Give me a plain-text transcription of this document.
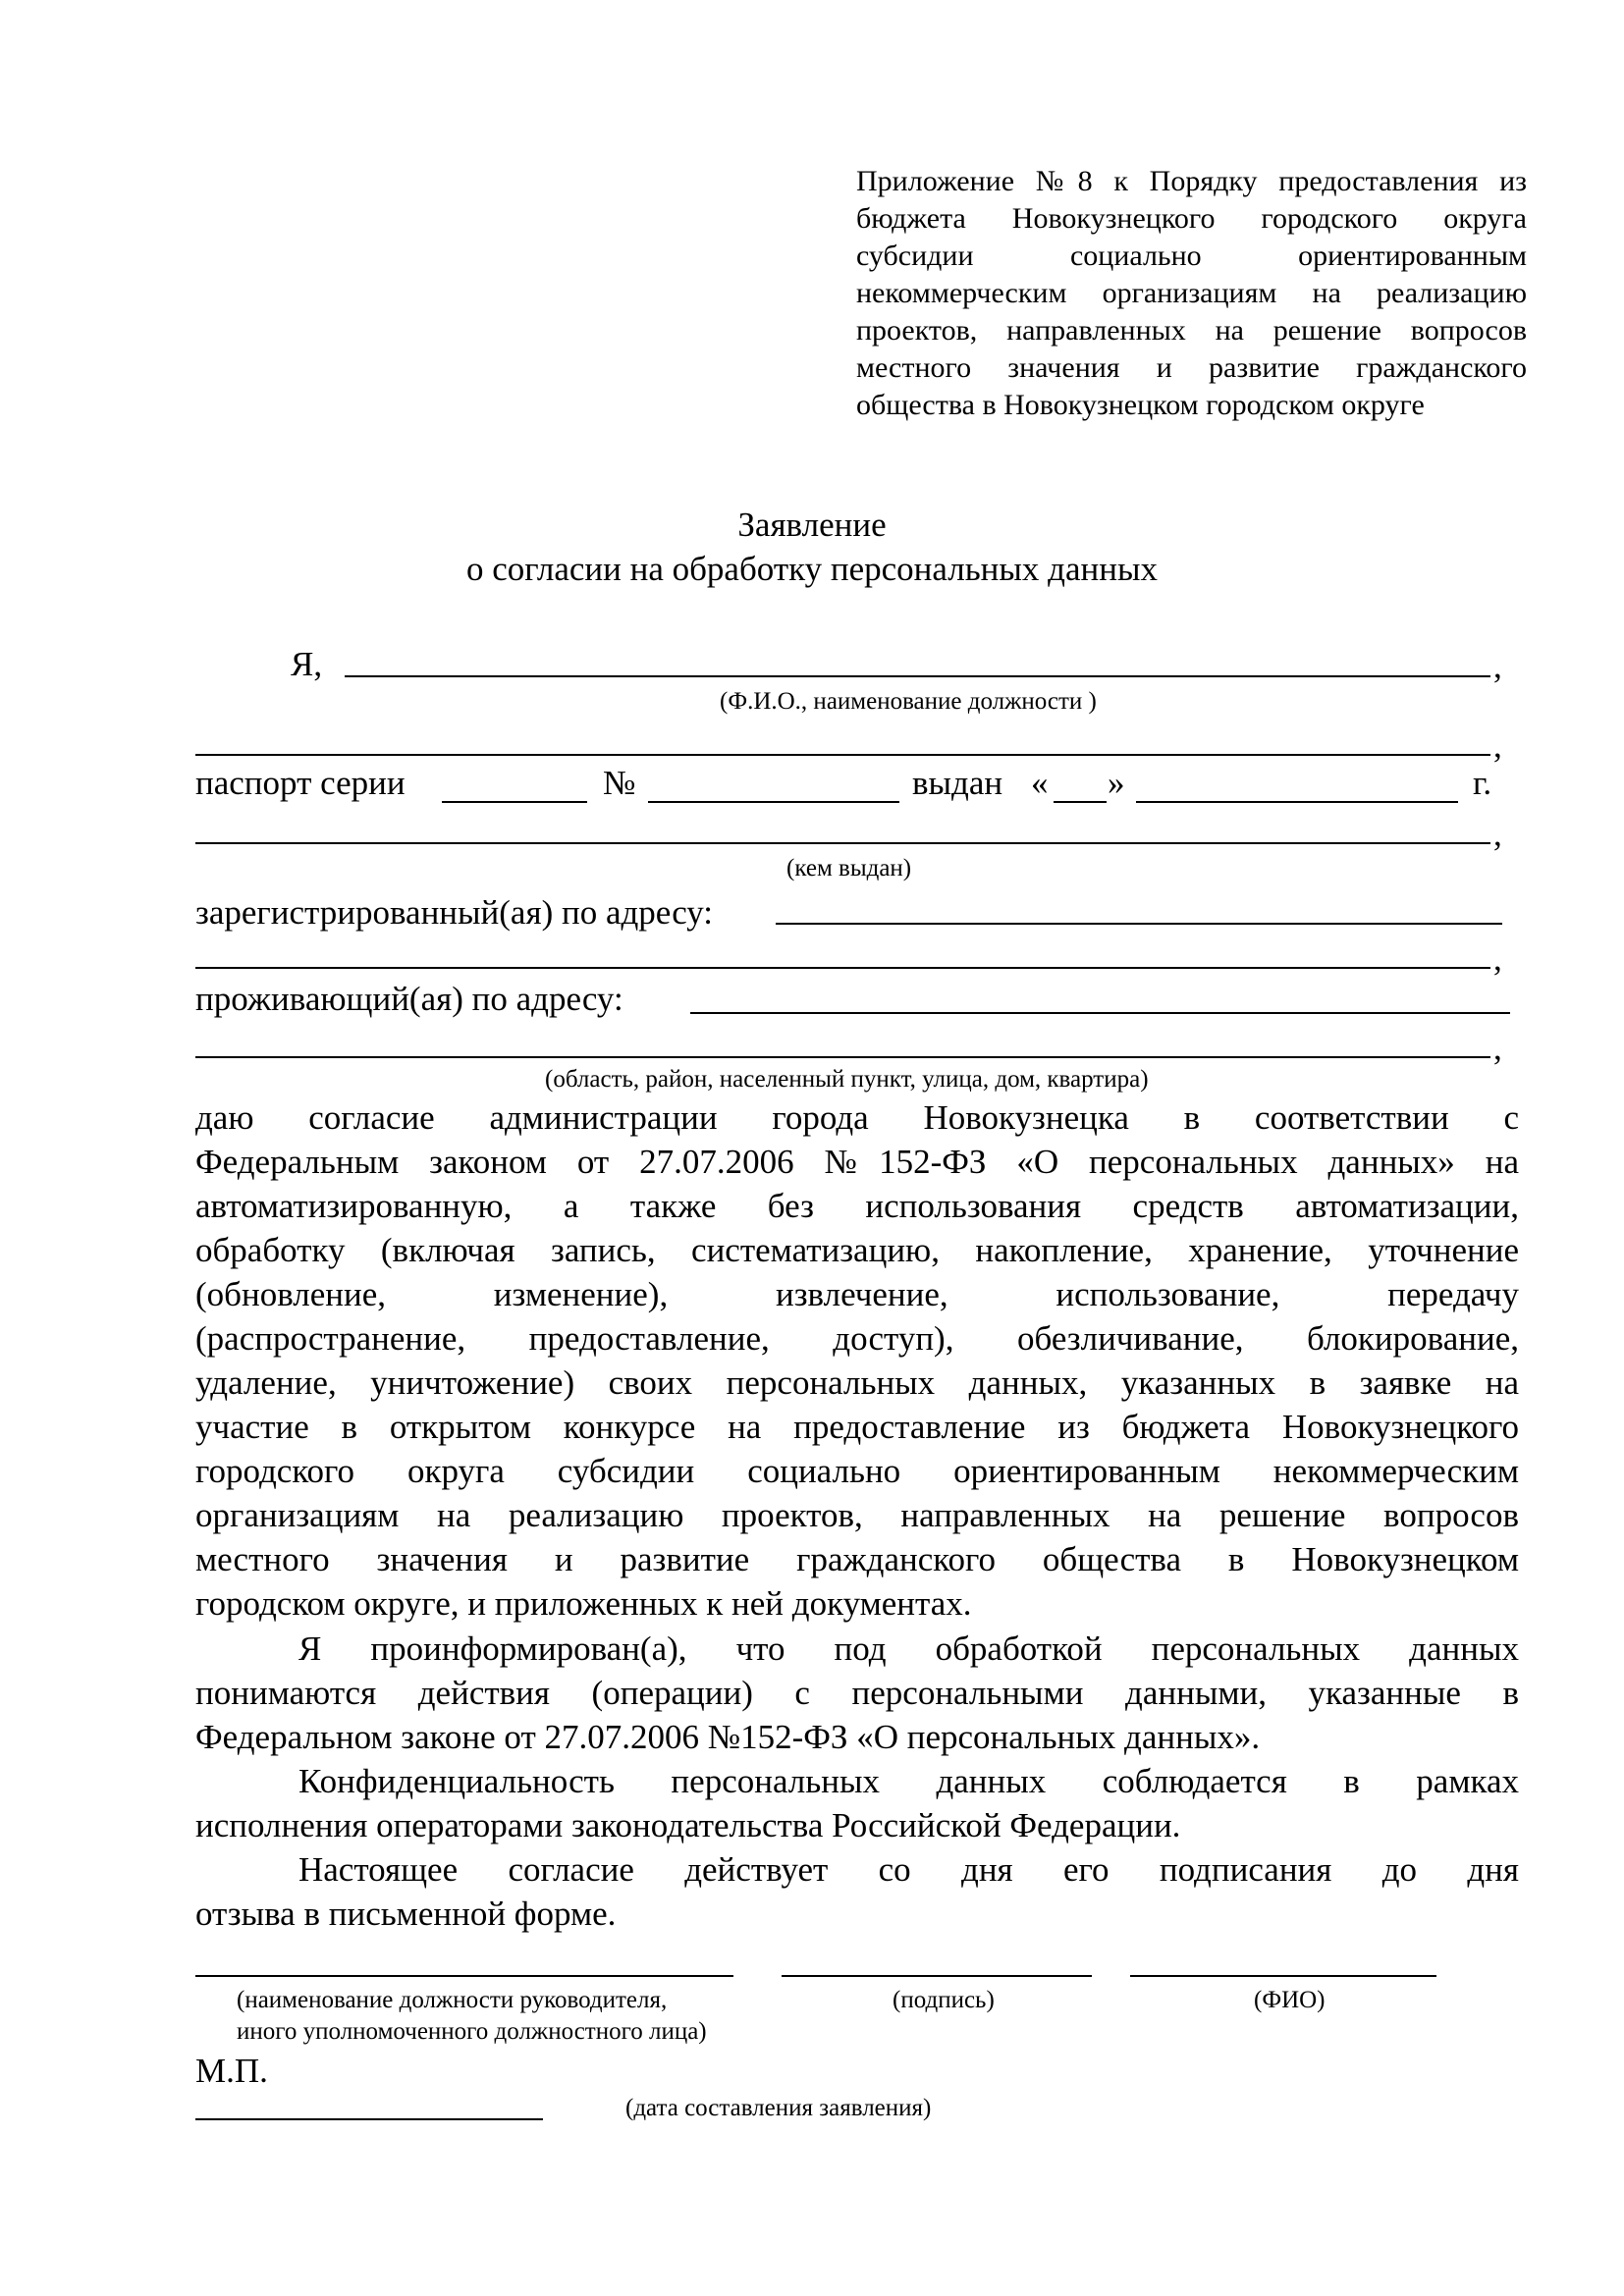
Приложение №8 к Порядку предоставления из
бюджета Новокузнецкого городского округа
субсидии социально ориентированным
некоммерческим организациям на реализацию
проектов, направленных на решение вопросов
местного значения и развитие гражданского
общества в Новокузнецком городском округе
Заявление
о согласии на обработку персональных данных
Я,	,
(Ф.И.О., наименование должности )
,
паспорт серии	№	выдан « »	г.
,
(кем выдан)
зарегистрированный(ая) по адресу:
,
проживающий(ая) по адресу:
,
(область, район, населенный пункт, улица, дом, квартира)
даю согласие администрации города Новокузнецка в соответствии с
Федеральным законом от 27.07.2006 №152-ФЗ «О персональных данных» на
автоматизированную, а также без использования средств автоматизации,
обработку (включая запись, систематизацию, накопление, хранение, уточнение
(обновление, изменение), извлечение, использование, передачу
(распространение, предоставление, доступ), обезличивание, блокирование,
удаление, уничтожение) своих персональных данных, указанных в заявке на
участие в открытом конкурсе на предоставление из бюджета Новокузнецкого
городского округа субсидии социально ориентированным некоммерческим
организациям на реализацию проектов, направленных на решение вопросов
местного значения и развитие гражданского общества в Новокузнецком
городском округе, и приложенных к ней документах.
Я проинформирован(а), что под обработкой персональных данных
понимаются действия (операции) с персональными данными, указанные в
Федеральном законе от 27.07.2006 №152-ФЗ «О персональных данных».
Конфиденциальность персональных данных соблюдается в рамках
исполнения операторами законодательства Российской Федерации.
Настоящее согласие действует со дня его подписания до дня
отзыва в письменной форме.
(наименование должности руководителя,
иного уполномоченного должностного лица)
(подпись)	(ФИО)
М.П.
(дата составления заявления)
